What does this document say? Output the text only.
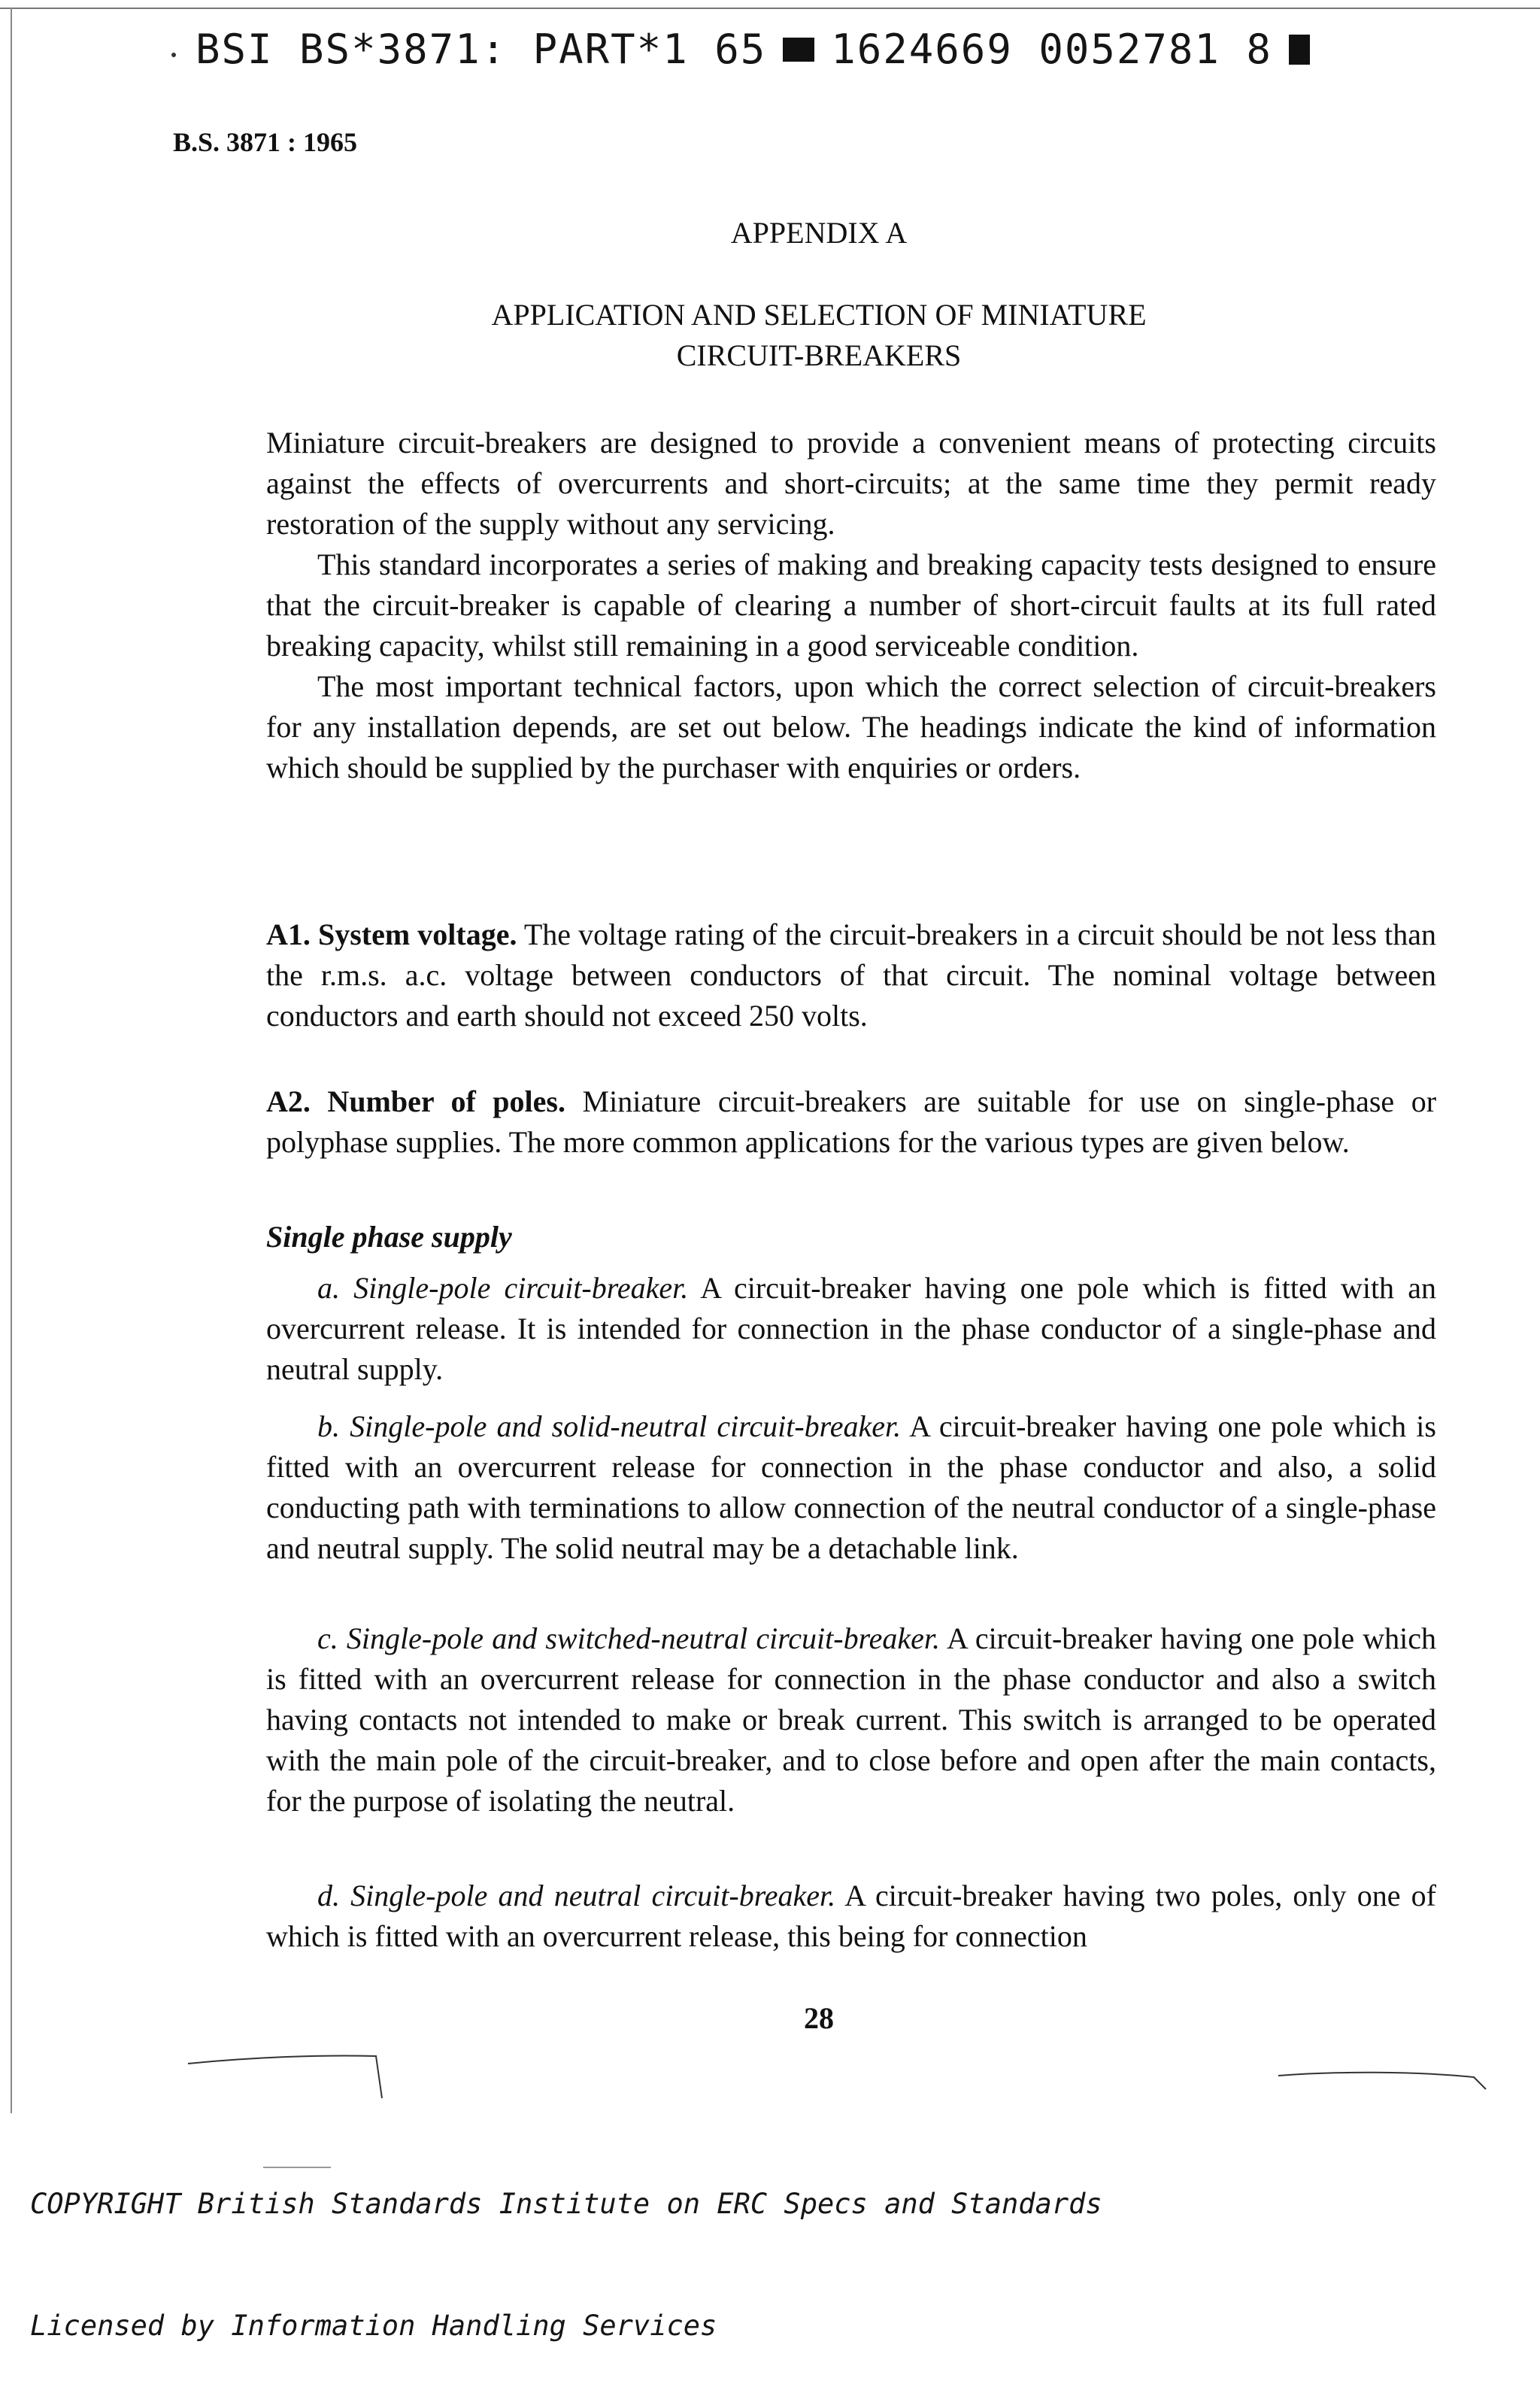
BSI BS*3871: PART*1 65 1624669 0052781 8
B.S. 3871 : 1965
APPENDIX A
APPLICATION AND SELECTION OF MINIATURE
CIRCUIT-BREAKERS

Miniature circuit-breakers are designed to provide a convenient means of protecting circuits against the effects of overcurrents and short-circuits; at the same time they permit ready restoration of the supply without any servicing.

This standard incorporates a series of making and breaking capacity tests designed to ensure that the circuit-breaker is capable of clearing a number of short-circuit faults at its full rated breaking capacity, whilst still remaining in a good serviceable condition.

The most important technical factors, upon which the correct selection of circuit-breakers for any installation depends, are set out below. The headings indicate the kind of information which should be supplied by the purchaser with enquiries or orders.

A1. System voltage. The voltage rating of the circuit-breakers in a circuit should be not less than the r.m.s. a.c. voltage between conductors of that circuit. The nominal voltage between conductors and earth should not exceed 250 volts.

A2. Number of poles. Miniature circuit-breakers are suitable for use on single-phase or polyphase supplies. The more common applications for the various types are given below.

Single phase supply

a. Single-pole circuit-breaker. A circuit-breaker having one pole which is fitted with an overcurrent release. It is intended for connection in the phase conductor of a single-phase and neutral supply.

b. Single-pole and solid-neutral circuit-breaker. A circuit-breaker having one pole which is fitted with an overcurrent release for connection in the phase conductor and also, a solid conducting path with terminations to allow connection of the neutral conductor of a single-phase and neutral supply. The solid neutral may be a detachable link.

c. Single-pole and switched-neutral circuit-breaker. A circuit-breaker having one pole which is fitted with an overcurrent release for connection in the phase conductor and also a switch having contacts not intended to make or break current. This switch is arranged to be operated with the main pole of the circuit-breaker, and to close before and open after the main contacts, for the purpose of isolating the neutral.

d. Single-pole and neutral circuit-breaker. A circuit-breaker having two poles, only one of which is fitted with an overcurrent release, this being for connection

28

COPYRIGHT British Standards Institute on ERC Specs and Standards

Licensed by Information Handling Services
